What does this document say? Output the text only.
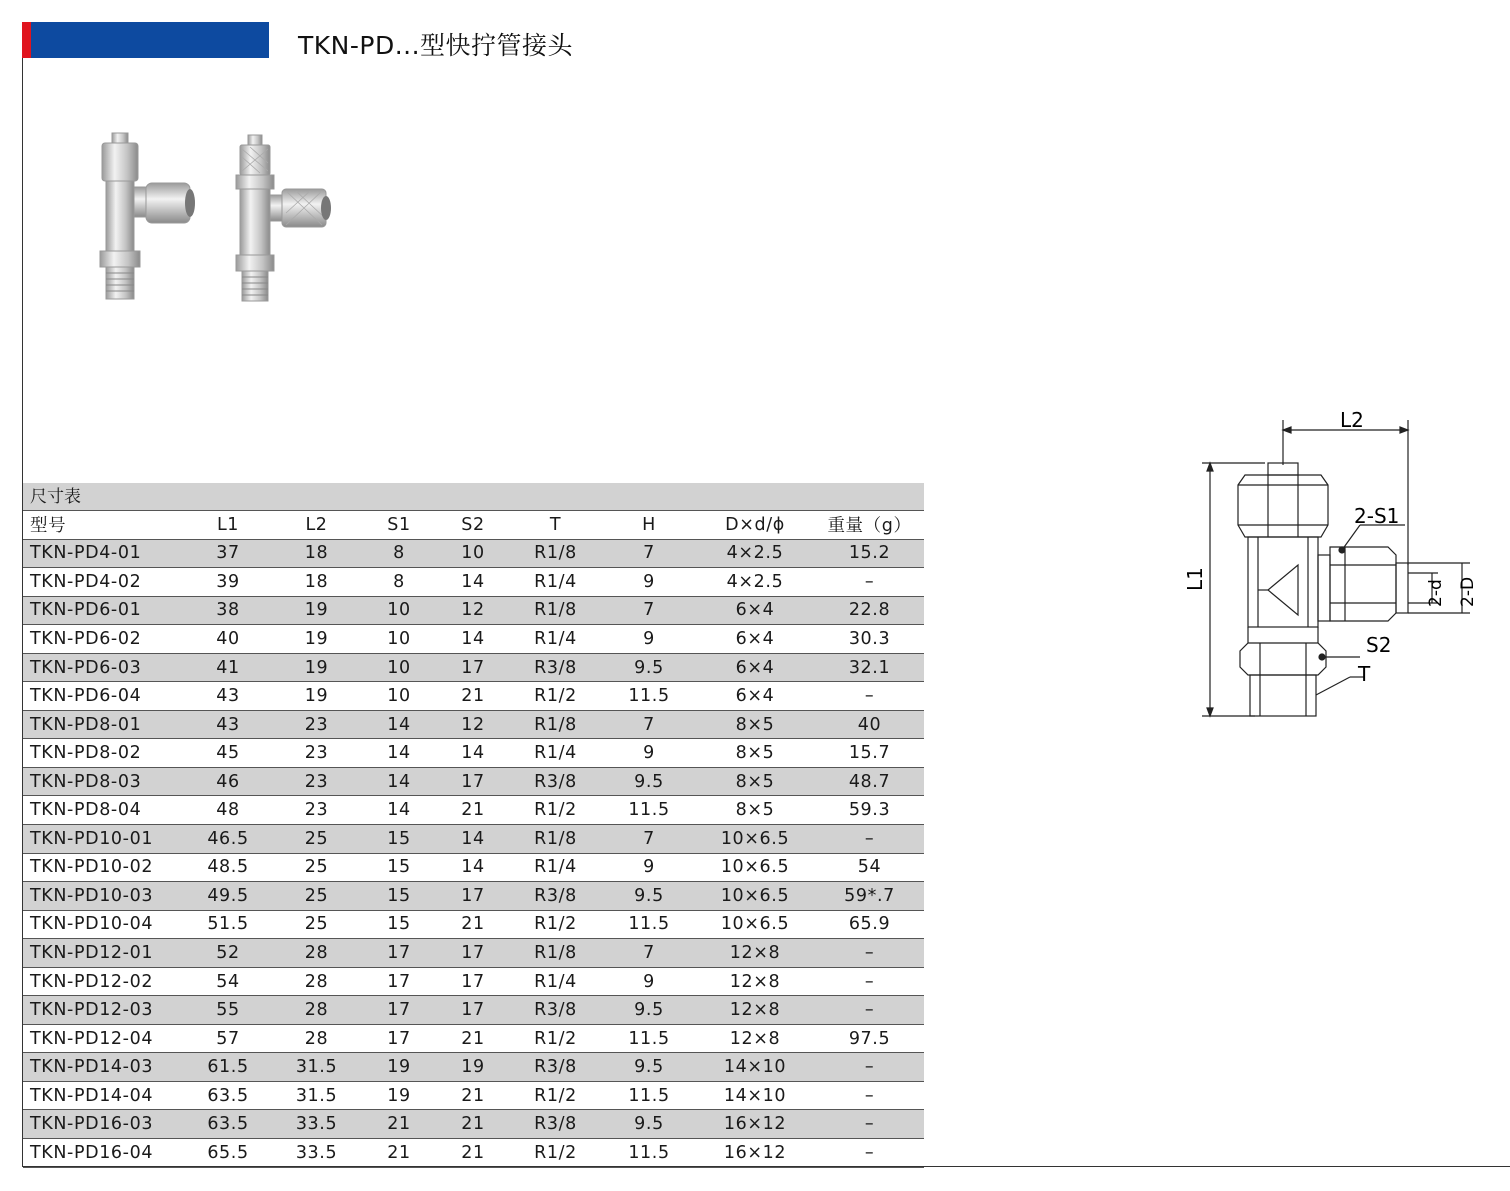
TKN-PD...型快拧管接头
尺寸表
型号	L1	L2	S1	S2	T	H	D×d/ϕ	重量（g）
TKN-PD4-01	37	18	8	10	R1/8	7	4×2.5	15.2
TKN-PD4-02	39	18	8	14	R1/4	9	4×2.5	–
TKN-PD6-01	38	19	10	12	R1/8	7	6×4	22.8
TKN-PD6-02	40	19	10	14	R1/4	9	6×4	30.3
TKN-PD6-03	41	19	10	17	R3/8	9.5	6×4	32.1
TKN-PD6-04	43	19	10	21	R1/2	11.5	6×4	–
TKN-PD8-01	43	23	14	12	R1/8	7	8×5	40
TKN-PD8-02	45	23	14	14	R1/4	9	8×5	15.7
TKN-PD8-03	46	23	14	17	R3/8	9.5	8×5	48.7
TKN-PD8-04	48	23	14	21	R1/2	11.5	8×5	59.3
TKN-PD10-01	46.5	25	15	14	R1/8	7	10×6.5	–
TKN-PD10-02	48.5	25	15	14	R1/4	9	10×6.5	54
TKN-PD10-03	49.5	25	15	17	R3/8	9.5	10×6.5	59*.7
TKN-PD10-04	51.5	25	15	21	R1/2	11.5	10×6.5	65.9
TKN-PD12-01	52	28	17	17	R1/8	7	12×8	–
TKN-PD12-02	54	28	17	17	R1/4	9	12×8	–
TKN-PD12-03	55	28	17	17	R3/8	9.5	12×8	–
TKN-PD12-04	57	28	17	21	R1/2	11.5	12×8	97.5
TKN-PD14-03	61.5	31.5	19	19	R3/8	9.5	14×10	–
TKN-PD14-04	63.5	31.5	19	21	R1/2	11.5	14×10	–
TKN-PD16-03	63.5	33.5	21	21	R3/8	9.5	16×12	–
TKN-PD16-04	65.5	33.5	21	21	R1/2	11.5	16×12	–
L2
L1
2-S1
S2
T
2-d 2-D
